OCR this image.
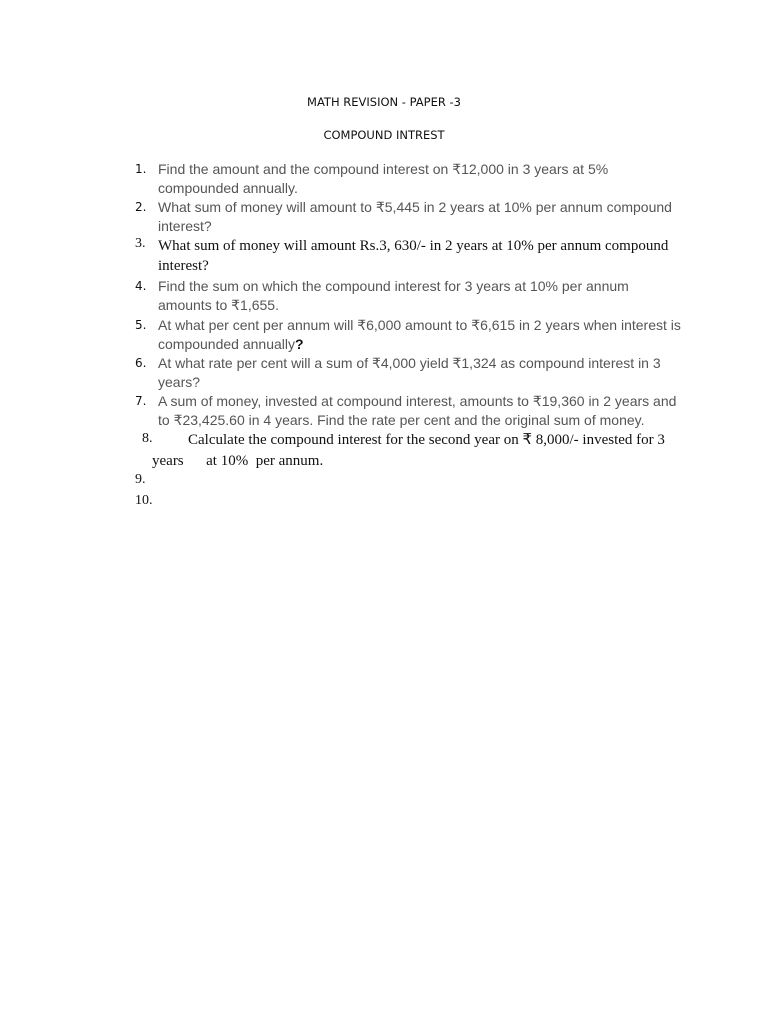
MATH REVISION - PAPER -3
COMPOUND INTREST
1. Find the amount and the compound interest on ₹12,000 in 3 years at 5% compounded annually.
2. What sum of money will amount to ₹5,445 in 2 years at 10% per annum compound interest?
3. What sum of money will amount Rs.3, 630/- in 2 years at 10% per annum compound interest?
4. Find the sum on which the compound interest for 3 years at 10% per annum amounts to ₹1,655.
5. At what per cent per annum will ₹6,000 amount to ₹6,615 in 2 years when interest is compounded annually?
6. At what rate per cent will a sum of ₹4,000 yield ₹1,324 as compound interest in 3 years?
7. A sum of money, invested at compound interest, amounts to ₹19,360 in 2 years and to ₹23,425.60 in 4 years. Find the rate per cent and the original sum of money.
8.	Calculate the compound interest for the second year on ₹ 8,000/- invested for 3 years      at 10%  per annum.
9.
10.
